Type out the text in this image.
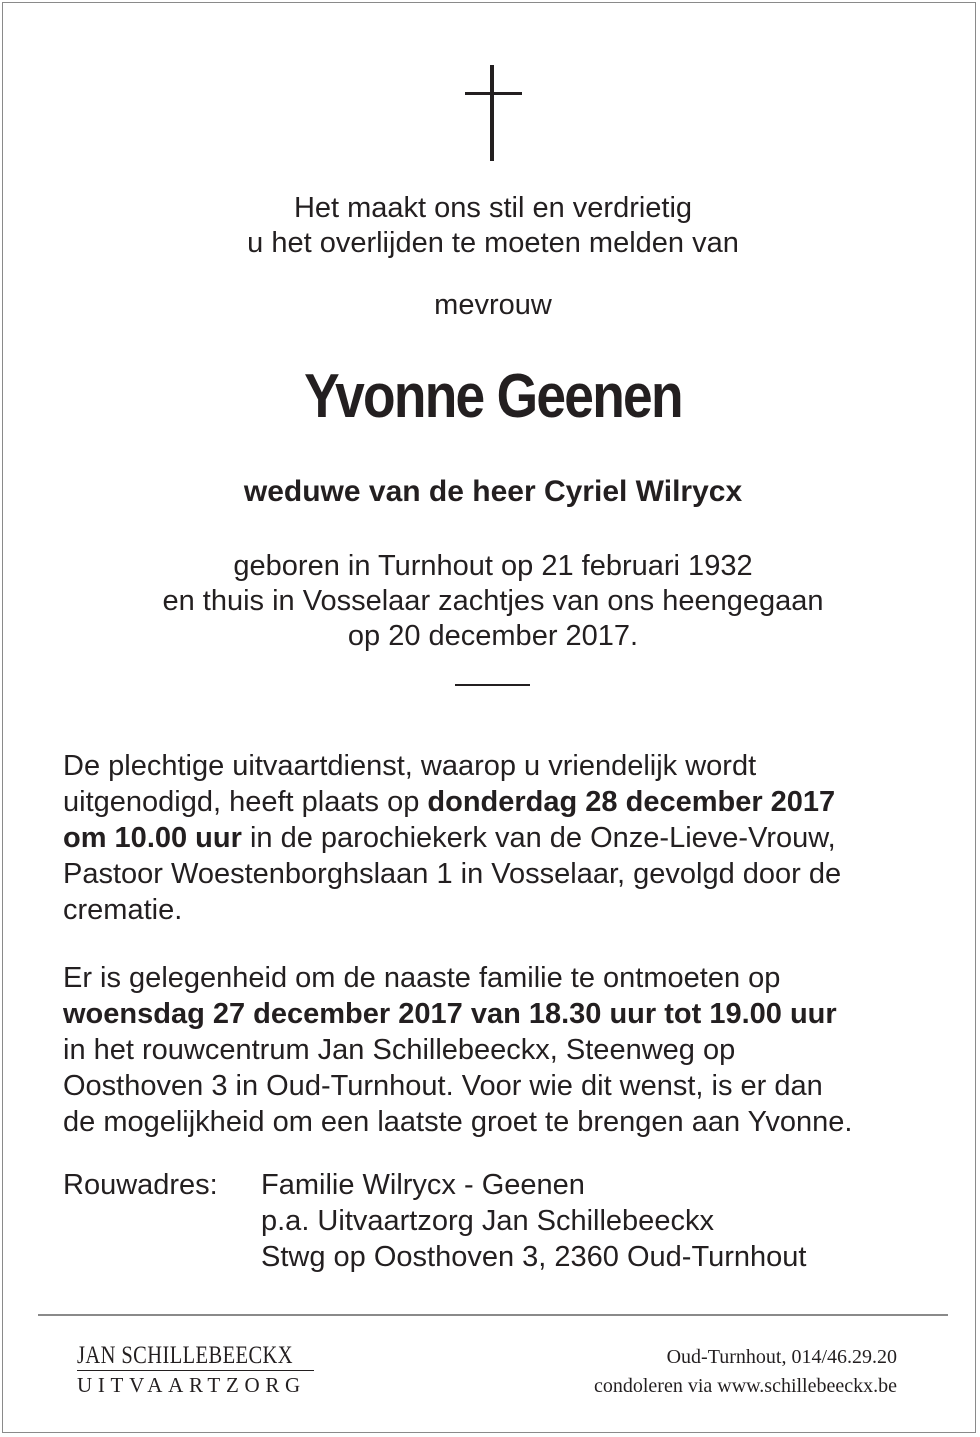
Het maakt ons stil en verdrietig
u het overlijden te moeten melden van
mevrouw
Yvonne Geenen
weduwe van de heer Cyriel Wilrycx
geboren in Turnhout op 21 februari 1932
en thuis in Vosselaar zachtjes van ons heengegaan
op 20 december 2017.
De plechtige uitvaartdienst, waarop u vriendelijk wordt
uitgenodigd, heeft plaats op donderdag 28 december 2017
om 10.00 uur in de parochiekerk van de Onze-Lieve-Vrouw,
Pastoor Woestenborghslaan 1 in Vosselaar, gevolgd door de
crematie.
Er is gelegenheid om de naaste familie te ontmoeten op
woensdag 27 december 2017 van 18.30 uur tot 19.00 uur
in het rouwcentrum Jan Schillebeeckx, Steenweg op
Oosthoven 3 in Oud-Turnhout. Voor wie dit wenst, is er dan
de mogelijkheid om een laatste groet te brengen aan Yvonne.
Rouwadres: Familie Wilrycx - Geenen
p.a. Uitvaartzorg Jan Schillebeeckx
Stwg op Oosthoven 3, 2360 Oud-Turnhout
JAN SCHILLEBEECKX
UITVAARTZORG
Oud-Turnhout, 014/46.29.20
condoleren via www.schillebeeckx.be
